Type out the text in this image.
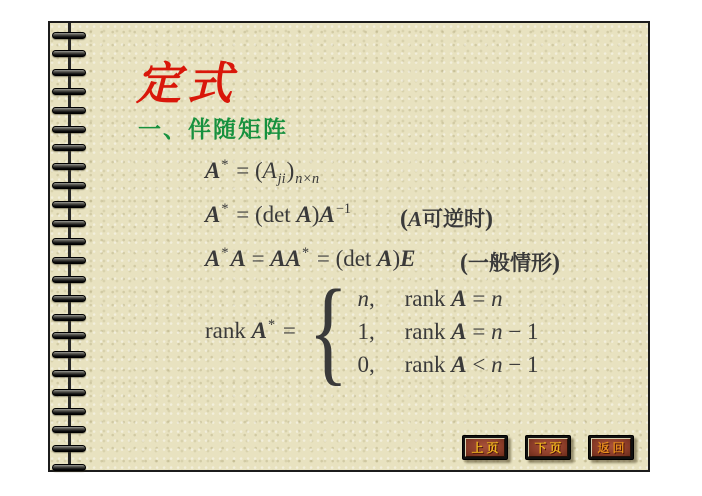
定式
一、伴随矩阵
A* = (Aji)n×n
A* = (det A)A−1 (A可逆时)
A*A = AA* = (det A)E (一般情形)
rank A* = { n, rank A = n
1, rank A = n − 1
0, rank A < n − 1
上页	下页	返回
